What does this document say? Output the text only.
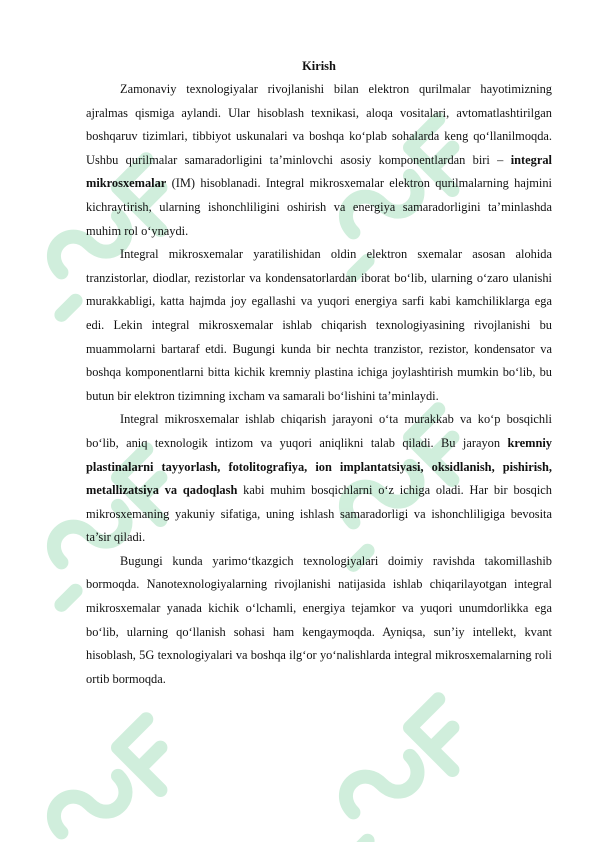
Kirish

Zamonaviy texnologiyalar rivojlanishi bilan elektron qurilmalar hayotimizning ajralmas qismiga aylandi. Ular hisoblash texnikasi, aloqa vositalari, avtomatlashtirilgan boshqaruv tizimlari, tibbiyot uskunalari va boshqa ko‘plab sohalarda keng qo‘llanilmoqda. Ushbu qurilmalar samaradorligini ta’minlovchi asosiy komponentlardan biri – integral mikrosxemalar (IM) hisoblanadi. Integral mikrosxemalar elektron qurilmalarning hajmini kichraytirish, ularning ishonchliligini oshirish va energiya samaradorligini ta’minlashda muhim rol o‘ynaydi.

Integral mikrosxemalar yaratilishidan oldin elektron sxemalar asosan alohida tranzistorlar, diodlar, rezistorlar va kondensatorlardan iborat bo‘lib, ularning o‘zaro ulanishi murakkabligi, katta hajmda joy egallashi va yuqori energiya sarfi kabi kamchiliklarga ega edi. Lekin integral mikrosxemalar ishlab chiqarish texnologiyasining rivojlanishi bu muammolarni bartaraf etdi. Bugungi kunda bir nechta tranzistor, rezistor, kondensator va boshqa komponentlarni bitta kichik kremniy plastina ichiga joylashtirish mumkin bo‘lib, bu butun bir elektron tizimning ixcham va samarali bo‘lishini ta’minlaydi.

Integral mikrosxemalar ishlab chiqarish jarayoni o‘ta murakkab va ko‘p bosqichli bo‘lib, aniq texnologik intizom va yuqori aniqlikni talab qiladi. Bu jarayon kremniy plastinalarni tayyorlash, fotolitografiya, ion implantatsiyasi, oksidlanish, pishirish, metallizatsiya va qadoqlash kabi muhim bosqichlarni o‘z ichiga oladi. Har bir bosqich mikrosxemaning yakuniy sifatiga, uning ishlash samaradorligi va ishonchliligiga bevosita ta’sir qiladi.

Bugungi kunda yarimo‘tkazgich texnologiyalari doimiy ravishda takomillashib bormoqda. Nanotexnologiyalarning rivojlanishi natijasida ishlab chiqarilayotgan integral mikrosxemalar yanada kichik o‘lchamli, energiya tejamkor va yuqori unumdorlikka ega bo‘lib, ularning qo‘llanish sohasi ham kengaymoqda. Ayniqsa, sun’iy intellekt, kvant hisoblash, 5G texnologiyalari va boshqa ilg‘or yo‘nalishlarda integral mikrosxemalarning roli ortib bormoqda.
